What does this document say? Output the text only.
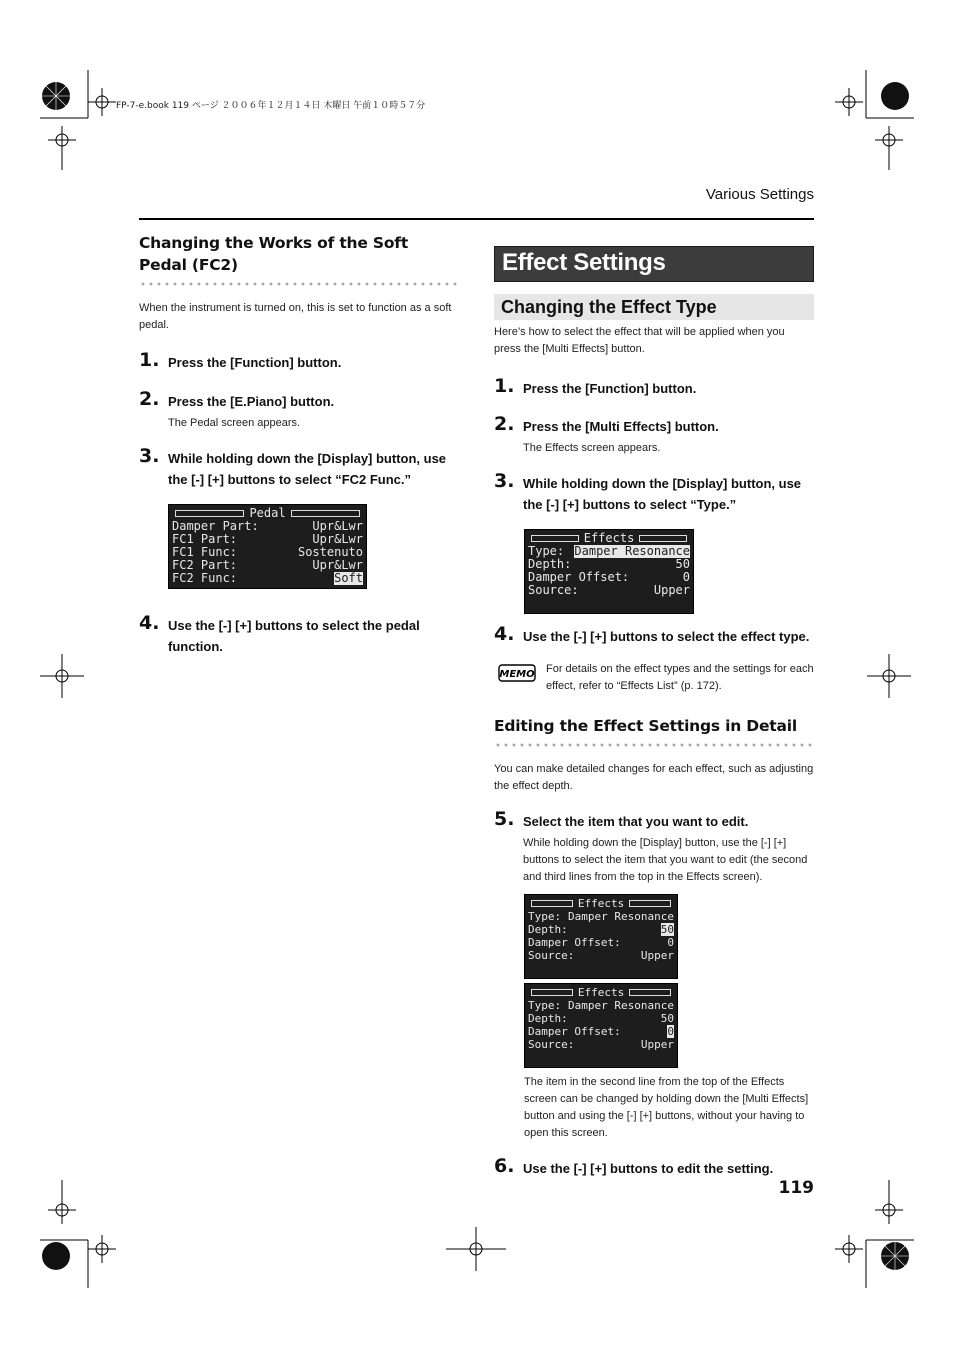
FP-7-e.book 119 ページ ２００６年１２月１４日 木曜日 午前１０時５７分
Various Settings
Changing the Works of the Soft Pedal (FC2)

When the instrument is turned on, this is set to function as a soft pedal.

1. Press the [Function] button.
2. Press the [E.Piano] button.
The Pedal screen appears.
3. While holding down the [Display] button, use the [-] [+] buttons to select “FC2 Func.”
Pedal
Damper Part:	Upr&Lwr
FC1 Part:	Upr&Lwr
FC1 Func:	Sostenuto
FC2 Part:	Upr&Lwr
FC2 Func:	Soft
4. Use the [-] [+] buttons to select the pedal function.
Effect Settings
Changing the Effect Type

Here’s how to select the effect that will be applied when you press the [Multi Effects] button.

1. Press the [Function] button.
2. Press the [Multi Effects] button.
The Effects screen appears.
3. While holding down the [Display] button, use the [-] [+] buttons to select “Type.”
Effects
Type: Damper Resonance
Depth:	50
Damper Offset:	0
Source:	Upper
4. Use the [-] [+] buttons to select the effect type.
MEMO For details on the effect types and the settings for each effect, refer to “Effects List” (p. 172).

Editing the Effect Settings in Detail

You can make detailed changes for each effect, such as adjusting the effect depth.

5. Select the item that you want to edit.
While holding down the [Display] button, use the [-] [+] buttons to select the item that you want to edit (the second and third lines from the top in the Effects screen).
Effects
Type: Damper Resonance
Depth:	50
Damper Offset:	0
Source:	Upper
Effects
Type: Damper Resonance
Depth:	50
Damper Offset:	0
Source:	Upper

The item in the second line from the top of the Effects screen can be changed by holding down the [Multi Effects] button and using the [-] [+] buttons, without your having to open this screen.

6. Use the [-] [+] buttons to edit the setting.
119
